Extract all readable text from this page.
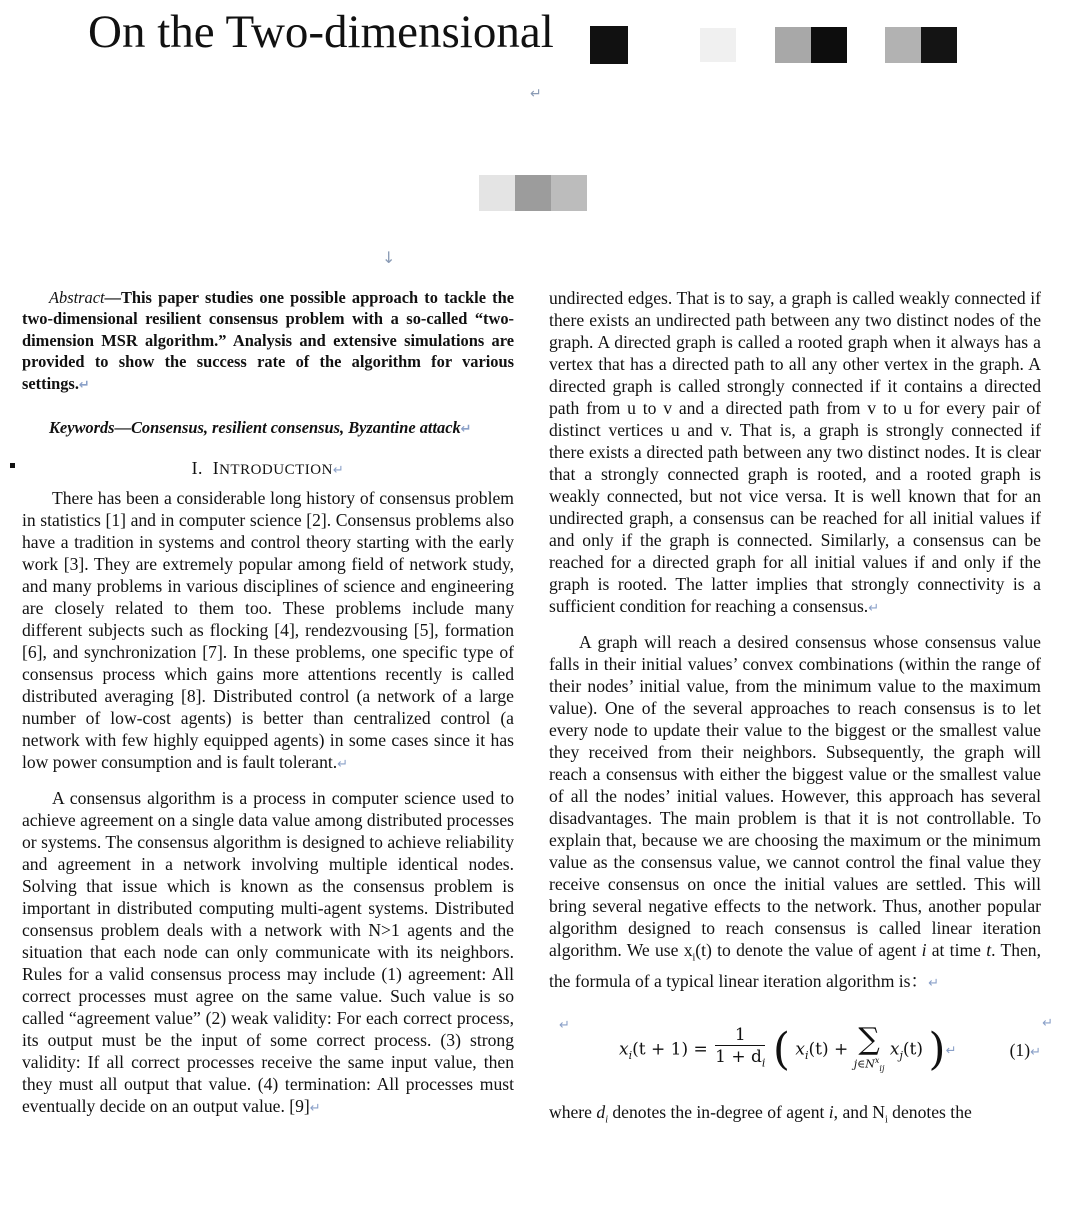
On the Two-dimensional
↵
↓

Abstract—This paper studies one possible approach to tackle the two-dimensional resilient consensus problem with a so-called “two-dimension MSR algorithm.” Analysis and extensive simulations are provided to show the success rate of the algorithm for various settings.↵

Keywords—Consensus, resilient consensus, Byzantine attack↵

I. INTRODUCTION↵

There has been a considerable long history of consensus problem in statistics [1] and in computer science [2]. Consensus problems also have a tradition in systems and control theory starting with the early work [3]. They are extremely popular among field of network study, and many problems in various disciplines of science and engineering are closely related to them too. These problems include many different subjects such as flocking [4], rendezvousing [5], formation [6], and synchronization [7]. In these problems, one specific type of consensus process which gains more attentions recently is called distributed averaging [8]. Distributed control (a network of a large number of low-cost agents) is better than centralized control (a network with few highly equipped agents) in some cases since it has low power consumption and is fault tolerant.↵

A consensus algorithm is a process in computer science used to achieve agreement on a single data value among distributed processes or systems. The consensus algorithm is designed to achieve reliability and agreement in a network involving multiple identical nodes. Solving that issue which is known as the consensus problem is important in distributed computing multi-agent systems. Distributed consensus problem deals with a network with N>1 agents and the situation that each node can only communicate with its neighbors. Rules for a valid consensus process may include (1) agreement: All correct processes must agree on the same value. Such value is so called “agreement value” (2) weak validity: For each correct process, its output must be the input of some correct process. (3) strong validity: If all correct processes receive the same input value, then they must all output that value. (4) termination: All processes must eventually decide on an output value. [9]↵

undirected edges. That is to say, a graph is called weakly connected if there exists an undirected path between any two distinct nodes of the graph. A directed graph is called a rooted graph when it always has a vertex that has a directed path to all any other vertex in the graph. A directed graph is called strongly connected if it contains a directed path from u to v and a directed path from v to u for every pair of distinct vertices u and v. That is, a graph is strongly connected if there exists a directed path between any two distinct nodes. It is clear that a strongly connected graph is rooted, and a rooted graph is weakly connected, but not vice versa. It is well known that for an undirected graph, a consensus can be reached for all initial values if and only if the graph is connected. Similarly, a consensus can be reached for a directed graph for all initial values if and only if the graph is rooted. The latter implies that strongly connectivity is a sufficient condition for reaching a consensus.↵

A graph will reach a desired consensus whose consensus value falls in their initial values’ convex combinations (within the range of their nodes’ initial value, from the minimum value to the maximum value). One of the several approaches to reach consensus is to let every node to update their value to the biggest or the smallest value they received from their neighbors. Subsequently, the graph will reach a consensus with either the biggest value or the smallest value of all the nodes’ initial values. However, this approach has several disadvantages. The main problem is that it is not controllable. To explain that, because we are choosing the maximum or the minimum value as the consensus value, we cannot control the final value they receive consensus on once the initial values are settled. This will bring several negative effects to the network. Thus, another popular algorithm designed to reach consensus is called linear iteration algorithm. We use $x_i(t)$ to denote the value of agent i at time t. Then, the formula of a typical linear iteration algorithm is：↵

↵
$x_i(t + 1) = \frac{1}{1 + d_i}$ ( $x_i(t)$ + ∑
$j\in N^x_{ij}$
$x_j(t)$ )↵	(1)↵
↵

where $d_i$ denotes the in-degree of agent i, and $N_i$ denotes the
